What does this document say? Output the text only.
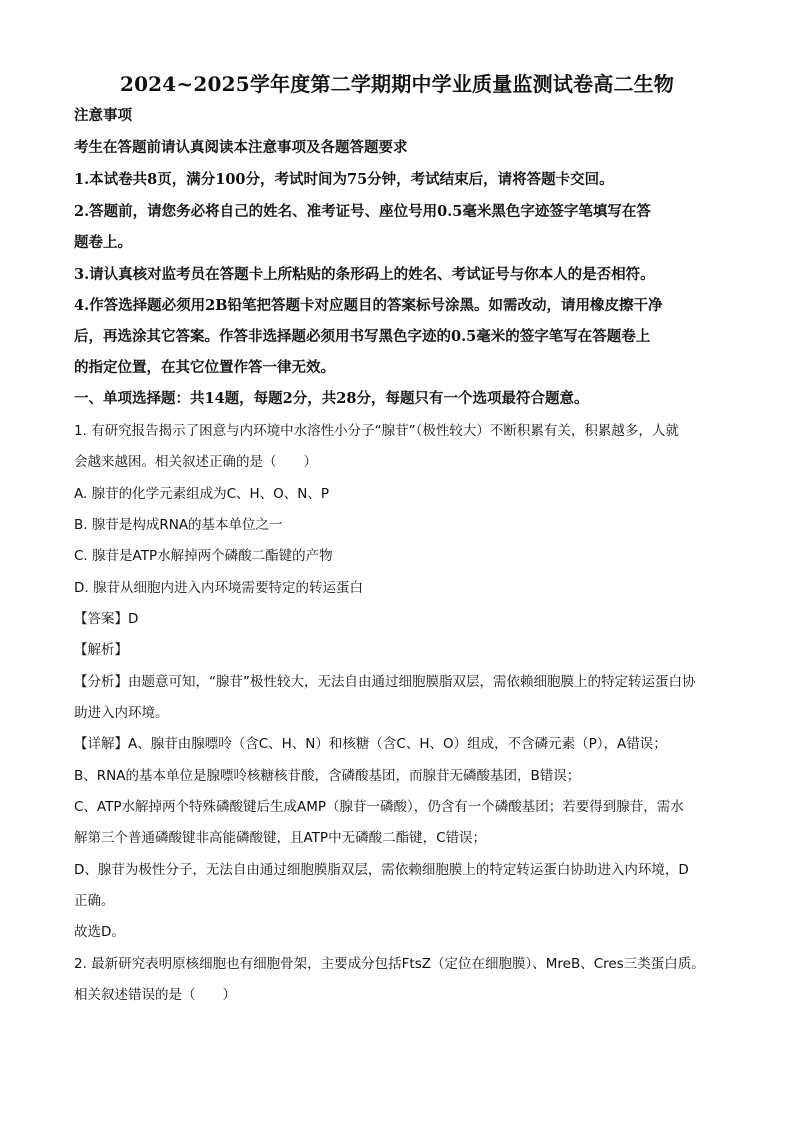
2024~2025学年度第二学期期中学业质量监测试卷高二生物
注意事项
考生在答题前请认真阅读本注意事项及各题答题要求
1.本试卷共8页，满分100分，考试时间为75分钟，考试结束后，请将答题卡交回。
2.答题前，请您务必将自己的姓名、准考证号、座位号用0.5毫米黑色字迹签字笔填写在答
题卷上。
3.请认真核对监考员在答题卡上所粘贴的条形码上的姓名、考试证号与你本人的是否相符。
4.作答选择题必须用2B铅笔把答题卡对应题目的答案标号涂黑。如需改动，请用橡皮擦干净
后，再选涂其它答案。作答非选择题必须用书写黑色字迹的0.5毫米的签字笔写在答题卷上
的指定位置，在其它位置作答一律无效。
一、单项选择题：共14题，每题2分，共28分，每题只有一个选项最符合题意。
1. 有研究报告揭示了困意与内环境中水溶性小分子“腺苷”（极性较大）不断积累有关，积累越多，人就
会越来越困。相关叙述正确的是（　　）
A. 腺苷的化学元素组成为C、H、O、N、P
B. 腺苷是构成RNA的基本单位之一
C. 腺苷是ATP水解掉两个磷酸二酯键的产物
D. 腺苷从细胞内进入内环境需要特定的转运蛋白
【答案】D
【解析】
【分析】由题意可知，“腺苷”极性较大，无法自由通过细胞膜脂双层，需依赖细胞膜上的特定转运蛋白协
助进入内环境。
【详解】A、腺苷由腺嘌呤（含C、H、N）和核糖（含C、H、O）组成，不含磷元素（P），A错误；
B、RNA的基本单位是腺嘌呤核糖核苷酸，含磷酸基团，而腺苷无磷酸基团，B错误；
C、ATP水解掉两个特殊磷酸键后生成AMP（腺苷一磷酸），仍含有一个磷酸基团；若要得到腺苷，需水
解第三个普通磷酸键非高能磷酸键，且ATP中无磷酸二酯键，C错误；
D、腺苷为极性分子，无法自由通过细胞膜脂双层，需依赖细胞膜上的特定转运蛋白协助进入内环境，D
正确。
故选D。
2. 最新研究表明原核细胞也有细胞骨架，主要成分包括FtsZ（定位在细胞膜）、MreB、Cres三类蛋白质。
相关叙述错误的是（　　）
